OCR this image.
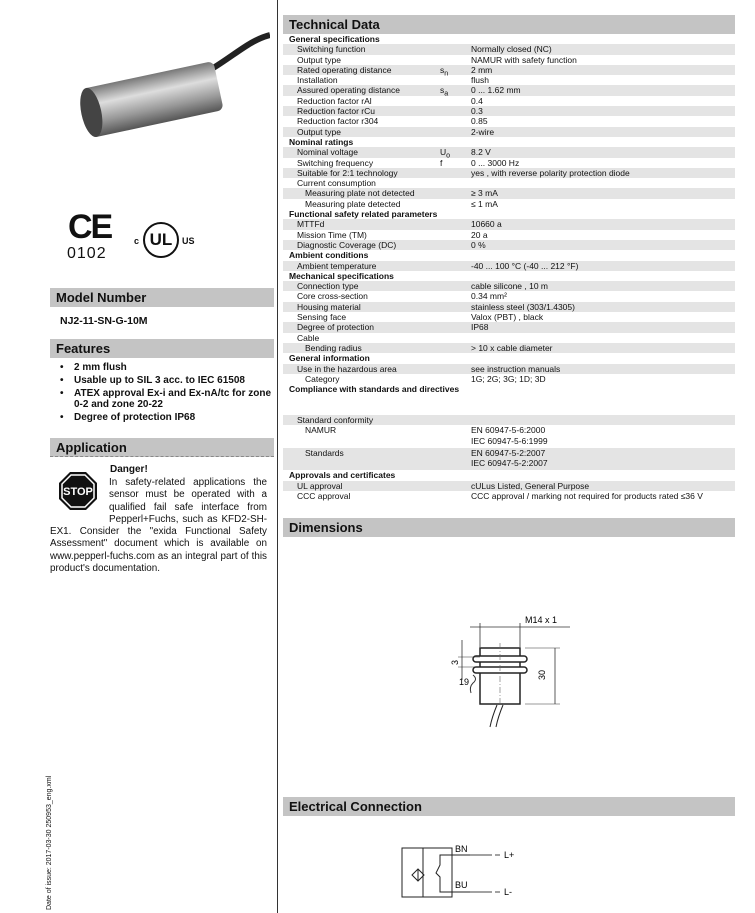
CE
0102
UL
c	US
Model Number
NJ2-11-SN-G-10M
Features
• 2 mm flush
• Usable up to SIL 3 acc. to IEC 61508
• ATEX approval Ex-i and Ex-nA/tc for zone 0-2 and zone 20-22
• Degree of protection IP68
Application
STOP
Danger!
In safety-related applications the sensor must be operated with a qualified fail safe interface from Pepperl+Fuchs, such as KFD2-SH-EX1. Consider the "exida Functional Safety Assessment" document which is available on www.pepperl-fuchs.com as an integral part of this product's documentation.
Date of issue: 2017-03-30 250953_eng.xml
Technical Data
General specifications
Switching function	Normally closed (NC)
Output type	NAMUR with safety function
Rated operating distance	$s_n$	2 mm
Installation	flush
Assured operating distance	$s_a$	0 ... 1.62 mm
Reduction factor rAl	0.4
Reduction factor rCu	0.3
Reduction factor r304	0.85
Output type	2-wire
Nominal ratings
Nominal voltage	$U_o$	8.2 V
Switching frequency	f	0 ... 3000 Hz
Suitable for 2:1 technology	yes , with reverse polarity protection diode
Current consumption
Measuring plate not detected	≥ 3 mA
Measuring plate detected	≤ 1 mA
Functional safety related parameters
MTTFd	10660 a
Mission Time (TM)	20 a
Diagnostic Coverage (DC)	0 %
Ambient conditions
Ambient temperature	-40 ... 100 °C (-40 ... 212 °F)
Mechanical specifications
Connection type	cable silicone , 10 m
Core cross-section	0.34 mm²
Housing material	stainless steel (303/1.4305)
Sensing face	Valox (PBT) , black
Degree of protection	IP68
Cable
Bending radius	> 10 x cable diameter
General information
Use in the hazardous area	see instruction manuals
Category	1G; 2G; 3G; 1D; 3D
Compliance with standards and directives
Standard conformity
NAMUR	EN 60947-5-6:2000
IEC 60947-5-6:1999
Standards	EN 60947-5-2:2007
IEC 60947-5-2:2007
Approvals and certificates
UL approval	cULus Listed, General Purpose
CCC approval	CCC approval / marking not required for products rated ≤36 V
Dimensions
M14 x 1
30
3
19
Electrical Connection
BN
BU
L+
L-
